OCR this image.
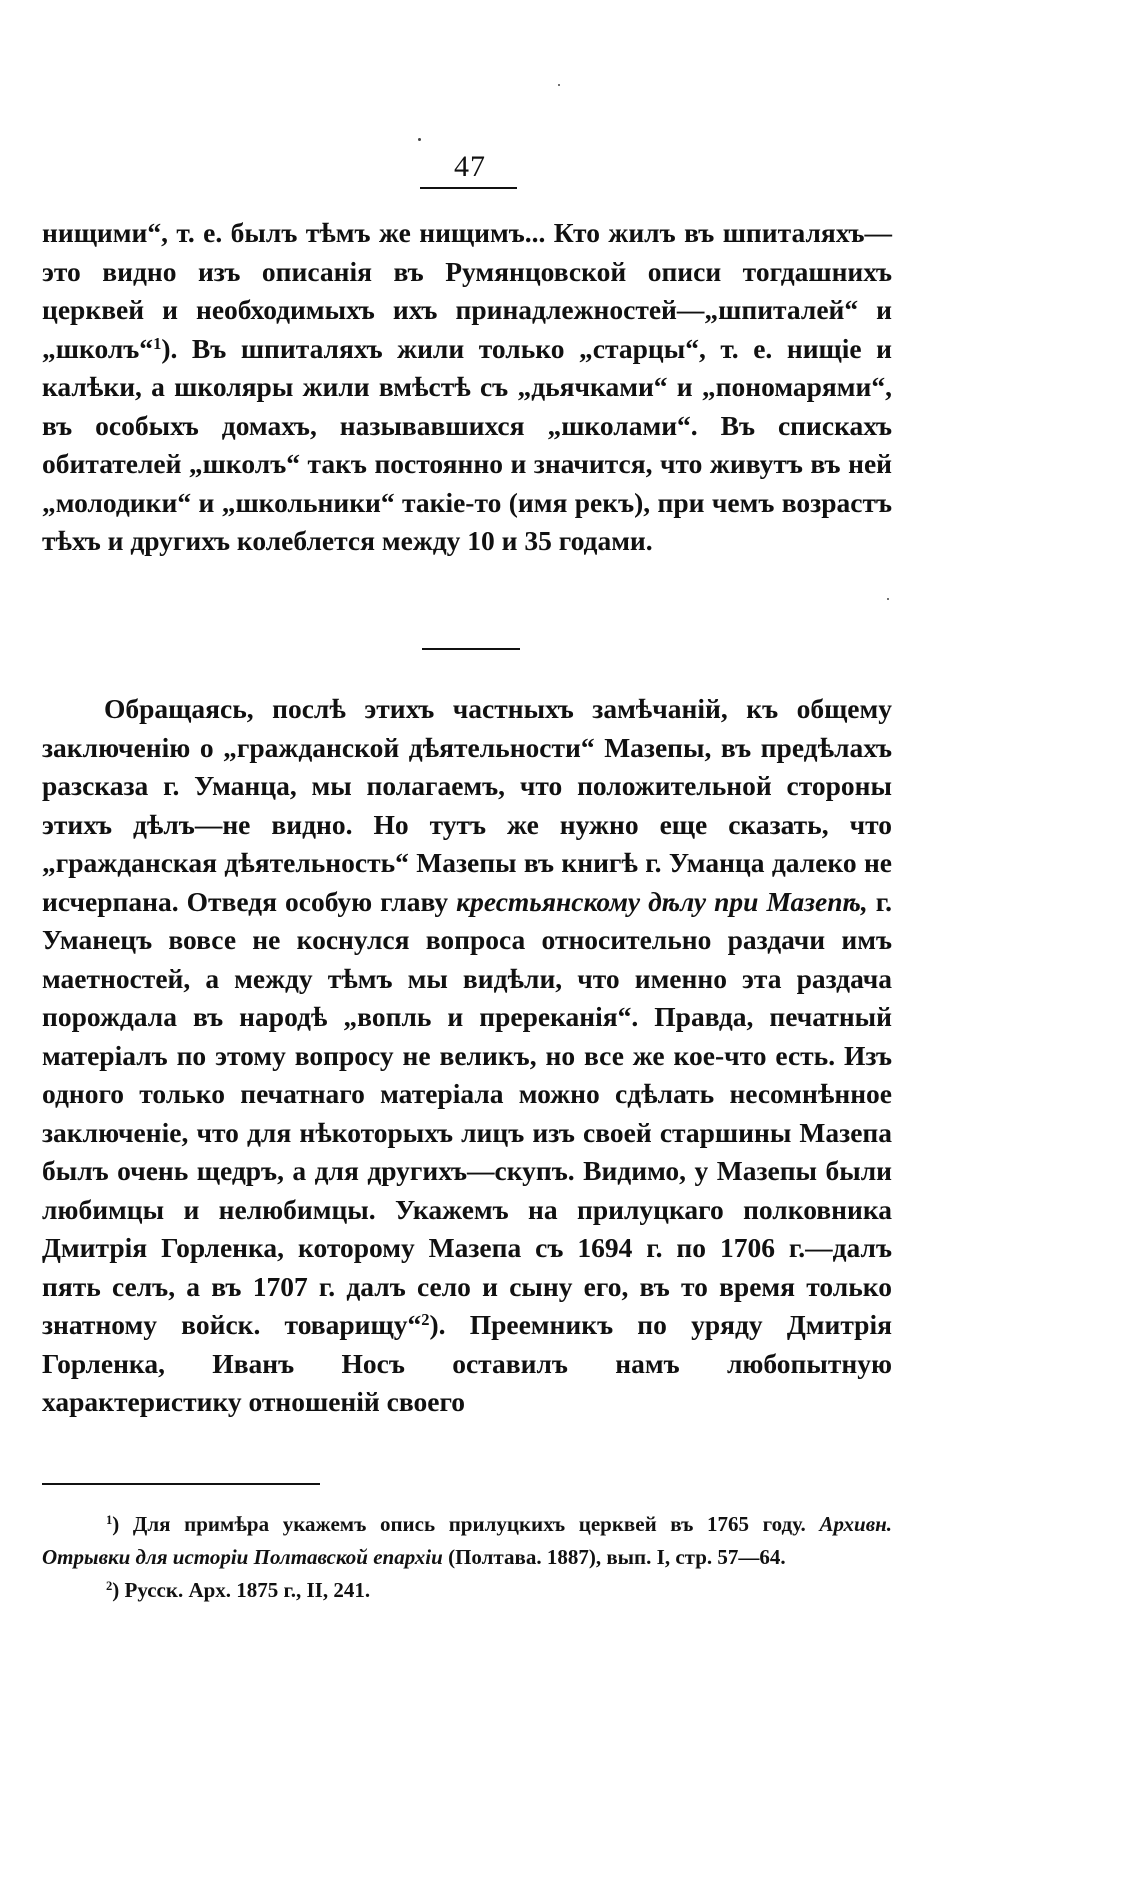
47

нищими“, т. е. былъ тѣмъ же нищимъ... Кто жилъ въ шпиталяхъ—это видно изъ описанія въ Румянцовской описи тогдашнихъ церквей и необходимыхъ ихъ принадлежностей—„шпиталей“ и „школъ“$^1$). Въ шпиталяхъ жили только „старцы“, т. е. нищіе и калѣки, а школяры жили вмѣстѣ съ „дьячками“ и „пономарями“, въ особыхъ домахъ, называвшихся „школами“. Въ спискахъ обитателей „школъ“ такъ постоянно и значится, что живутъ въ ней „молодики“ и „школьники“ такіе-то (имя рекъ), при чемъ возрастъ тѣхъ и другихъ колеблется между 10 и 35 годами.

Обращаясь, послѣ этихъ частныхъ замѣчаній, къ общему заключенію о „гражданской дѣятельности“ Мазепы, въ предѣлахъ разсказа г. Уманца, мы полагаемъ, что положительной стороны этихъ дѣлъ—не видно. Но тутъ же нужно еще сказать, что „гражданская дѣятельность“ Мазепы въ книгѣ г. Уманца далеко не исчерпана. Отведя особую главу крестьянскому дѣлу при Мазепѣ, г. Уманецъ вовсе не коснулся вопроса относительно раздачи имъ маетностей, а между тѣмъ мы видѣли, что именно эта раздача порождала въ народѣ „вопль и пререканія“. Правда, печатный матеріалъ по этому вопросу не великъ, но все же кое-что есть. Изъ одного только печатнаго матеріала можно сдѣлать несомнѣнное заключеніе, что для нѣкоторыхъ лицъ изъ своей старшины Мазепа былъ очень щедръ, а для другихъ—скупъ. Видимо, у Мазепы были любимцы и нелюбимцы. Укажемъ на прилуцкаго полковника Дмитрія Горленка, которому Мазепа съ 1694 г. по 1706 г.—далъ пять селъ, а въ 1707 г. далъ село и сыну его, въ то время только знатному войск. товарищу“$^2$). Преемникъ по уряду Дмитрія Горленка, Иванъ Носъ оставилъ намъ любопытную характеристику отношеній своего

$^1$) Для примѣра укажемъ опись прилуцкихъ церквей въ 1765 году. Архивн. Отрывки для исторіи Полтавской епархіи (Полтава. 1887), вып. I, стр. 57—64.

$^2$) Русск. Арх. 1875 г., II, 241.
